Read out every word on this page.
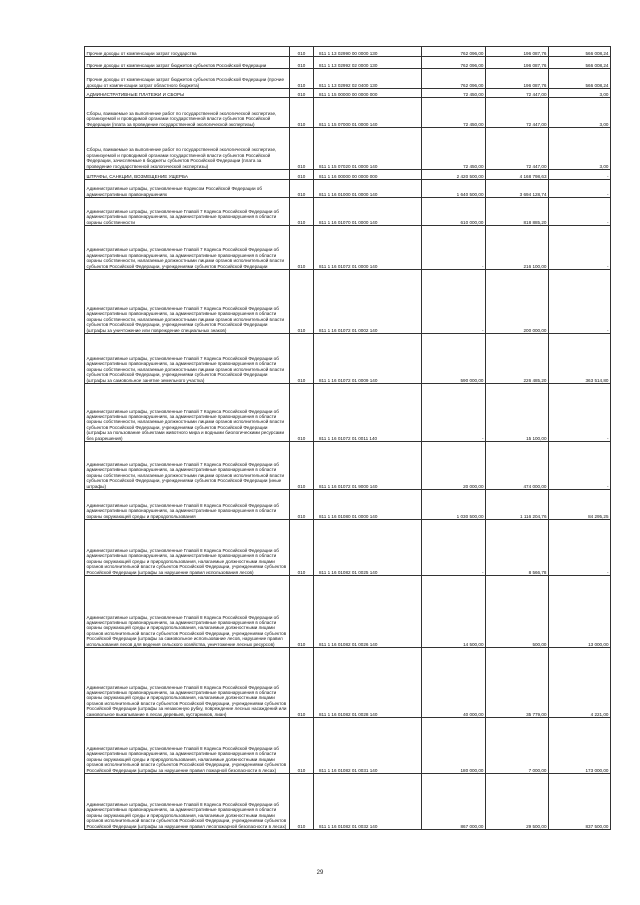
Прочие доходы от компенсации затрат государства	010	811 1 13 02990 00 0000 130	762 096,00	196 087,76	566 008,24
Прочие доходы от компенсации затрат бюджетов субъектов Российской Федерации	010	811 1 13 02992 02 0000 130	762 096,00	196 087,76	566 008,24
Прочие доходы от компенсации затрат бюджетов субъектов Российской Федерации (прочие доходы от компенсации затрат областного бюджета)	010	811 1 13 02992 02 0400 130	762 096,00	196 087,76	566 008,24
АДМИНИСТРАТИВНЫЕ ПЛАТЕЖИ И СБОРЫ	010	811 1 15 00000 00 0000 000	72 450,00	72 447,00	3,00
Сборы, взимаемые за выполнение работ по государственной экологической экспертизе, организуемой и проводимой органами государственной власти субъектов Российской Федерации (плата за проведение государственной экологической экспертизы)	010	811 1 15 07000 01 0000 140	72 450,00	72 447,00	3,00
Сборы, взимаемые за выполнение работ по государственной экологической экспертизе, организуемой и проводимой органами государственной власти субъектов Российской Федерации, зачисляемые в бюджеты субъектов Российской Федерации (плата за проведение государственной экологической экспертизы)	010	811 1 15 07020 01 0000 140	72 450,00	72 447,00	3,00
ШТРАФЫ, САНКЦИИ, ВОЗМЕЩЕНИЕ УЩЕРБА	010	811 1 16 00000 00 0000 000	2 420 500,00	4 168 798,63	-
Административные штрафы, установленные Кодексом Российской Федерации об административных правонарушениях	010	811 1 16 01000 01 0000 140	1 640 500,00	3 694 128,74	-
Административные штрафы, установленные Главой 7 Кодекса Российской Федерации об административных правонарушениях, за административные правонарушения в области охраны собственности	010	811 1 16 01070 01 0000 140	610 000,00	818 885,20	-
Административные штрафы, установленные Главой 7 Кодекса Российской Федерации об административных правонарушениях, за административные правонарушения в области охраны собственности, налагаемые должностными лицами органов исполнительной власти субъектов Российской Федерации, учреждениями субъектов Российской Федерации	010	811 1 16 01072 01 0000 140	-	216 100,00	-
Административные штрафы, установленные Главой 7 Кодекса Российской Федерации об административных правонарушениях, за административные правонарушения в области охраны собственности, налагаемые должностными лицами органов исполнительной власти субъектов Российской Федерации, учреждениями субъектов Российской Федерации (штрафы за уничтожение или повреждение специальных знаков)	010	811 1 16 01072 01 0002 140	-	200 000,00	-
Административные штрафы, установленные Главой 7 Кодекса Российской Федерации об административных правонарушениях, за административные правонарушения в области охраны собственности, налагаемые должностными лицами органов исполнительной власти субъектов Российской Федерации, учреждениями субъектов Российской Федерации (штрафы за самовольное занятие земельного участка)	010	811 1 16 01072 01 0009 140	590 000,00	226 485,20	363 514,80
Административные штрафы, установленные Главой 7 Кодекса Российской Федерации об административных правонарушениях, за административные правонарушения в области охраны собственности, налагаемые должностными лицами органов исполнительной власти субъектов Российской Федерации, учреждениями субъектов Российской Федерации (штрафы за пользование объектами животного мира и водными биологическими ресурсами без разрешения)	010	811 1 16 01072 01 0011 140	-	15 100,00	-
Административные штрафы, установленные Главой 7 Кодекса Российской Федерации об административных правонарушениях, за административные правонарушения в области охраны собственности, налагаемые должностными лицами органов исполнительной власти субъектов Российской Федерации, учреждениями субъектов Российской Федерации (иные штрафы)	010	811 1 16 01072 01 9000 140	20 000,00	474 000,00	-
Административные штрафы, установленные Главой 8 Кодекса Российской Федерации об административных правонарушениях, за административные правонарушения в области охраны окружающей среды и природопользования	010	811 1 16 01080 01 0000 140	1 030 500,00	1 116 204,76	84 295,25
Административные штрафы, установленные Главой 8 Кодекса Российской Федерации об административных правонарушениях, за административные правонарушения в области охраны окружающей среды и природопользования, налагаемые должностными лицами органов исполнительной власти субъектов Российской Федерации, учреждениями субъектов Российской Федерации (штрафы за нарушение правил использования лесов)	010	811 1 16 01082 01 0025 140	-	8 566,78	-
Административные штрафы, установленные Главой 8 Кодекса Российской Федерации об административных правонарушениях, за административные правонарушения в области охраны окружающей среды и природопользования, налагаемые должностными лицами органов исполнительной власти субъектов Российской Федерации, учреждениями субъектов Российской Федерации (штрафы за самовольное использование лесов, нарушение правил использования лесов для ведения сельского хозяйства, уничтожение лесных ресурсов)	010	811 1 16 01082 01 0026 140	14 500,00	500,00	13 000,00
Административные штрафы, установленные Главой 8 Кодекса Российской Федерации об административных правонарушениях, за административные правонарушения в области охраны окружающей среды и природопользования, налагаемые должностными лицами органов исполнительной власти субъектов Российской Федерации, учреждениями субъектов Российской Федерации (штрафы за незаконную рубку, повреждение лесных насаждений или самовольное выкапывание в лесах деревьев, кустарников, лиан)	010	811 1 16 01082 01 0028 140	40 000,00	35 779,00	4 221,00
Административные штрафы, установленные Главой 8 Кодекса Российской Федерации об административных правонарушениях, за административные правонарушения в области охраны окружающей среды и природопользования, налагаемые должностными лицами органов исполнительной власти субъектов Российской Федерации, учреждениями субъектов Российской Федерации (штрафы за нарушение правил пожарной безопасности в лесах)	010	811 1 16 01082 01 0031 140	180 000,00	7 000,00	173 000,00
Административные штрафы, установленные Главой 8 Кодекса Российской Федерации об административных правонарушениях, за административные правонарушения в области охраны окружающей среды и природопользования, налагаемые должностными лицами органов исполнительной власти субъектов Российской Федерации, учреждениями субъектов Российской Федерации (штрафы за нарушение правил лесопожарной безопасности в лесах)	010	811 1 16 01082 01 0032 140	867 000,00	29 500,00	837 500,00
29
